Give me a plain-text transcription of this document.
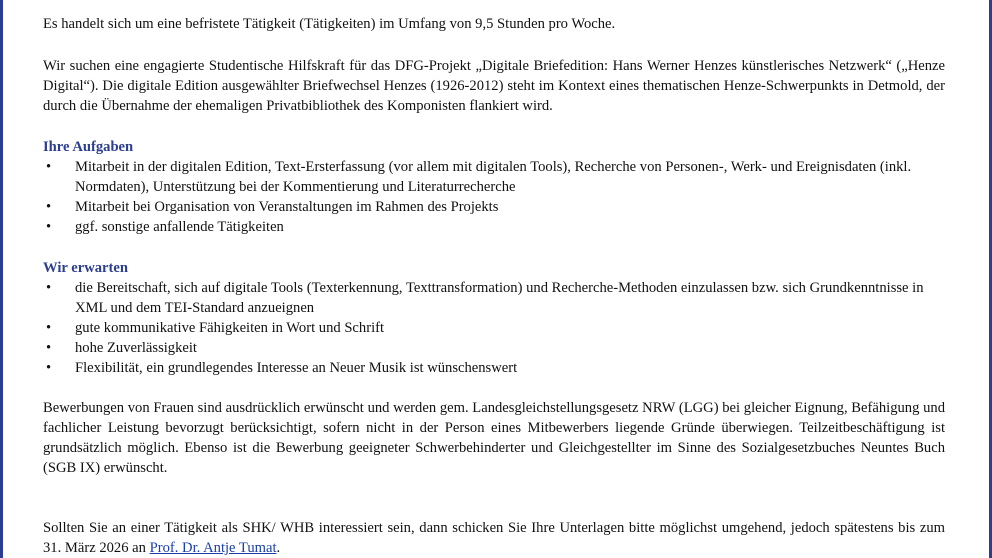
Es handelt sich um eine befristete Tätigkeit (Tätigkeiten) im Umfang von 9,5 Stunden pro Woche.

Wir suchen eine engagierte Studentische Hilfskraft für das DFG-Projekt „Digitale Briefedition: Hans Werner Henzes künstlerisches Netzwerk“ („Henze Digital“). Die digitale Edition ausgewählter Briefwechsel Henzes (1926-2012) steht im Kontext eines thematischen Henze-Schwerpunkts in Detmold, der durch die Übernahme der ehemaligen Privatbibliothek des Komponisten flankiert wird.

Ihre Aufgaben
• Mitarbeit in der digitalen Edition, Text-Ersterfassung (vor allem mit digitalen Tools), Recherche von Personen-, Werk- und Ereignisdaten (inkl. Normdaten), Unterstützung bei der Kommentierung und Literaturrecherche
• Mitarbeit bei Organisation von Veranstaltungen im Rahmen des Projekts
• ggf. sonstige anfallende Tätigkeiten
Wir erwarten
• die Bereitschaft, sich auf digitale Tools (Texterkennung, Texttransformation) und Recherche-Methoden einzulassen bzw. sich Grundkenntnisse in XML und dem TEI-Standard anzueignen
• gute kommunikative Fähigkeiten in Wort und Schrift
• hohe Zuverlässigkeit
• Flexibilität, ein grundlegendes Interesse an Neuer Musik ist wünschenswert

Bewerbungen von Frauen sind ausdrücklich erwünscht und werden gem. Landesgleichstellungsgesetz NRW (LGG) bei gleicher Eignung, Befähigung und fachlicher Leistung bevorzugt berücksichtigt, sofern nicht in der Person eines Mitbewerbers liegende Gründe überwiegen. Teilzeitbeschäftigung ist grundsätzlich möglich. Ebenso ist die Bewerbung geeigneter Schwerbehinderter und Gleichgestellter im Sinne des Sozialgesetzbuches Neuntes Buch (SGB IX) erwünscht.

Sollten Sie an einer Tätigkeit als SHK/ WHB interessiert sein, dann schicken Sie Ihre Unterlagen bitte möglichst umgehend, jedoch spätestens bis zum 31. März 2026 an Prof. Dr. Antje Tumat.
